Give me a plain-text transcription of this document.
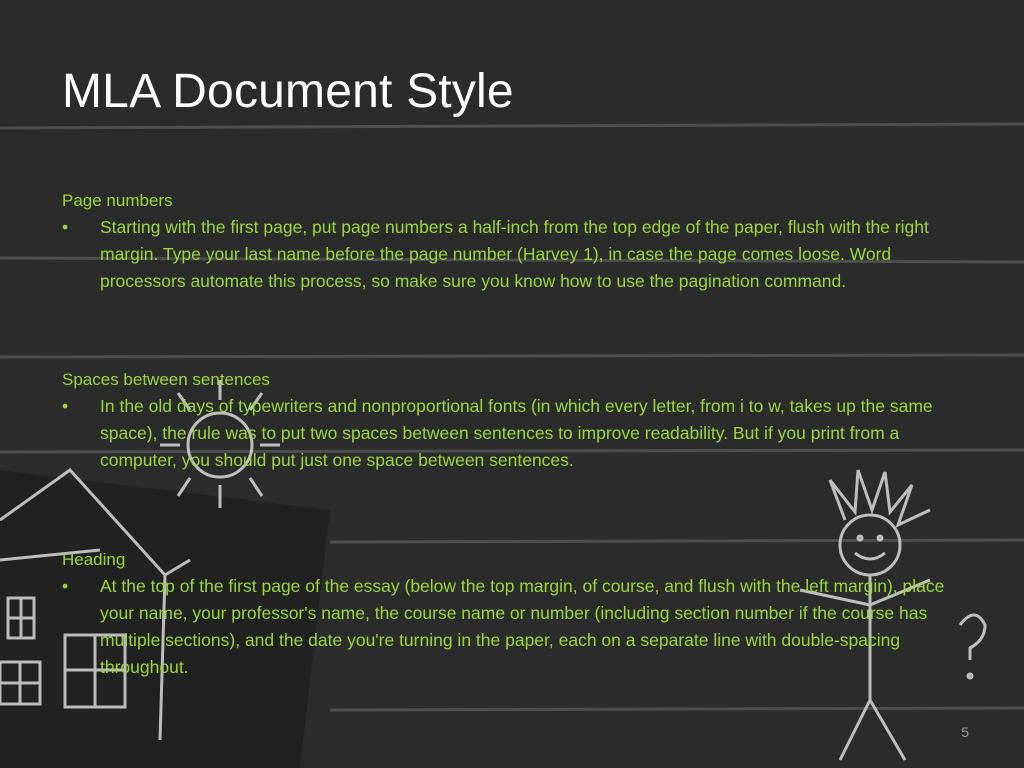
MLA Document Style
Page numbers
• Starting with the first page, put page numbers a half-inch from the top edge of the paper, flush with the right margin. Type your last name before the page number (Harvey 1), in case the page comes loose. Word processors automate this process, so make sure you know how to use the pagination command.
Spaces between sentences
• In the old days of typewriters and nonproportional fonts (in which every letter, from i to w, takes up the same space), the rule was to put two spaces between sentences to improve readability. But if you print from a computer, you should put just one space between sentences.
Heading
• At the top of the first page of the essay (below the top margin, of course, and flush with the left margin), place your name, your professor's name, the course name or number (including section number if the course has multiple sections), and the date you're turning in the paper, each on a separate line with double-spacing throughout.
5
